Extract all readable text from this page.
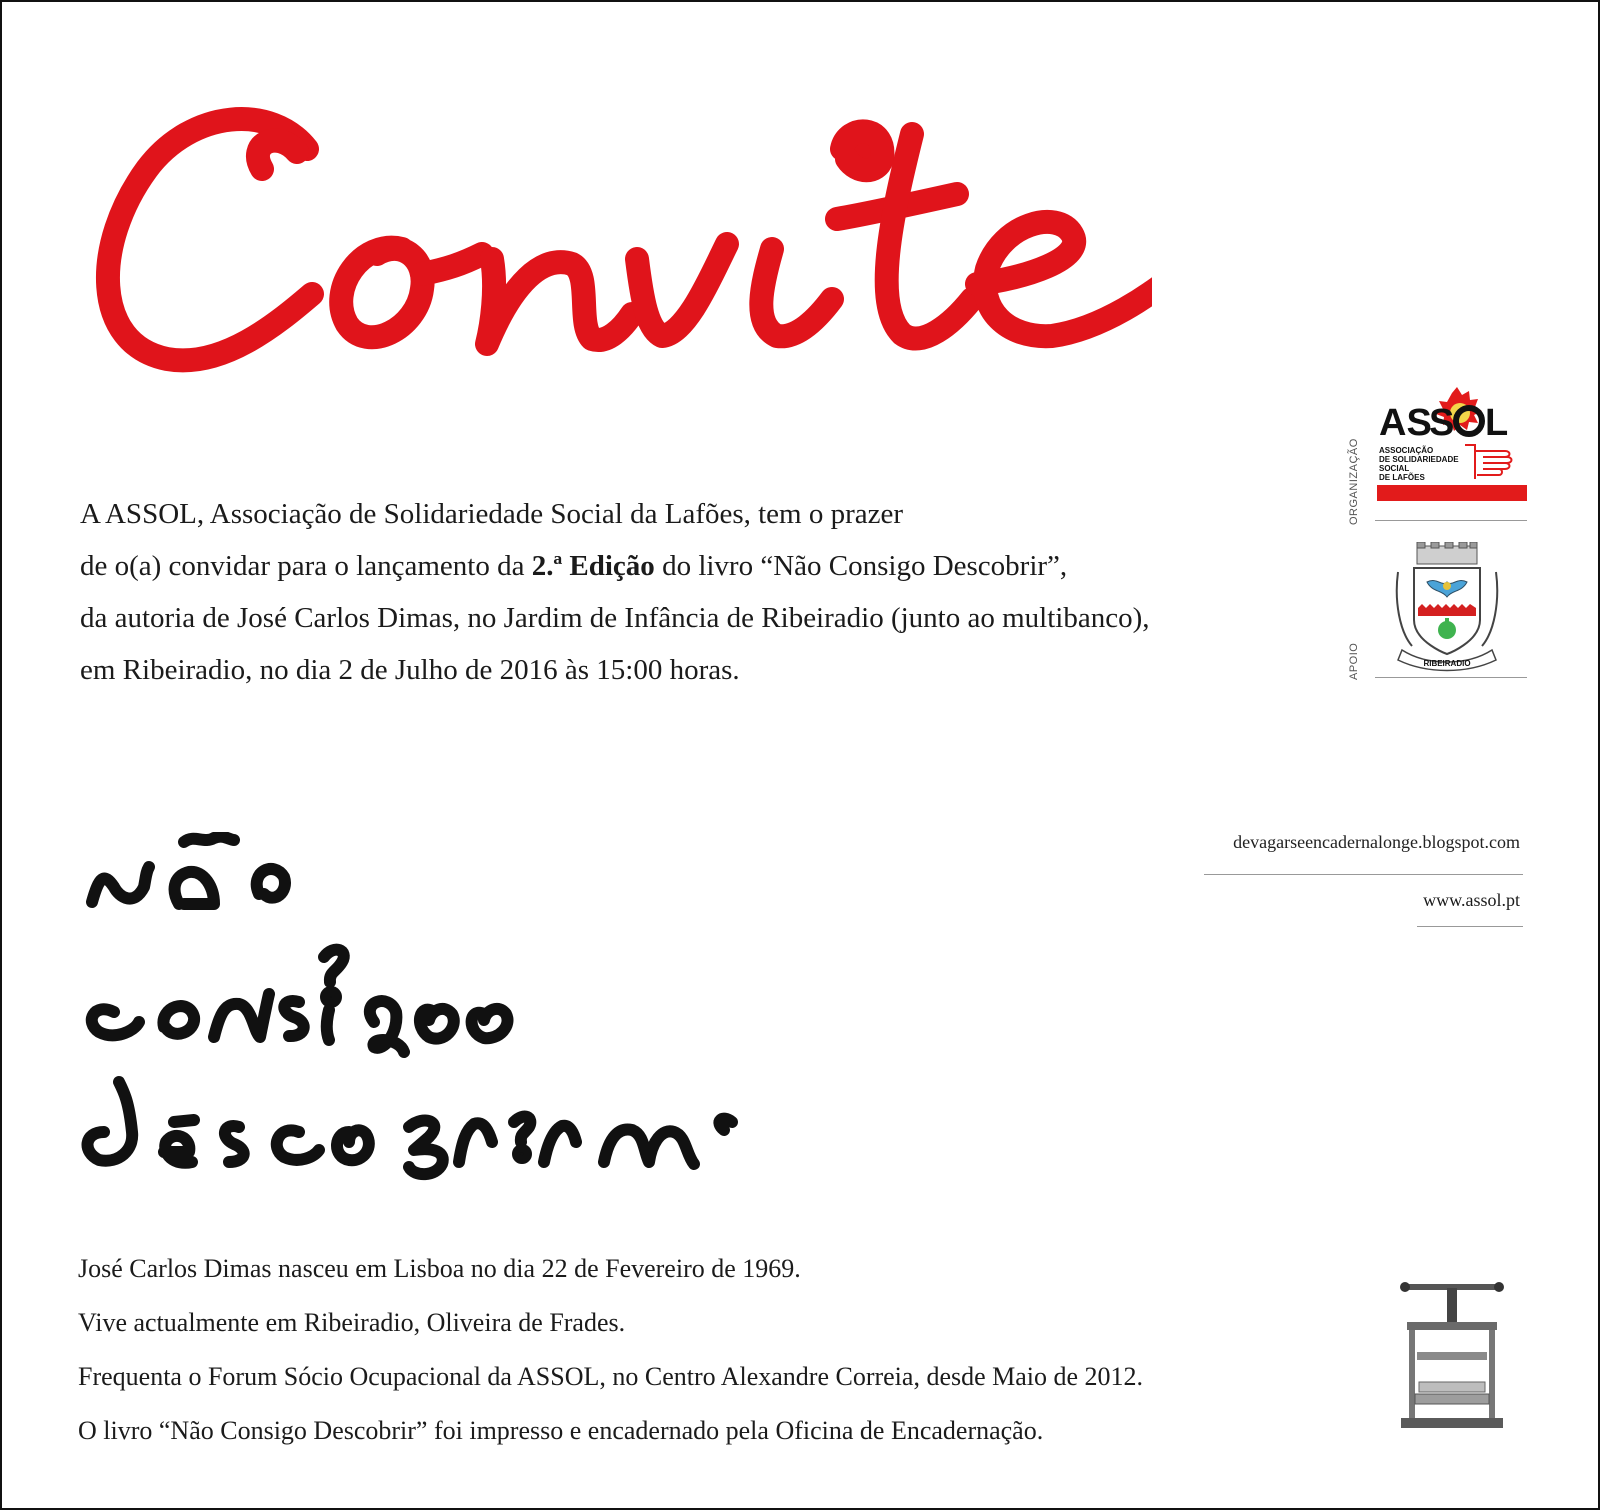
A ASSOL, Associação de Solidariedade Social da Lafões, tem o prazer

de o(a) convidar para o lançamento da 2.ª Edição do livro “Não Consigo Descobrir”,

da autoria de José Carlos Dimas, no Jardim de Infância de Ribeiradio (junto ao multibanco),

em Ribeiradio, no dia 2 de Julho de 2016 às 15:00 horas.

ORGANIZAÇÃO
AS
S L
ASSOCIAÇÃO
DE SOLIDARIEDADE
SOCIAL
DE LAFÕES
APOIO	RIBEIRADIO
devagarseencadernalonge.blogspot.com
www.assol.pt

José Carlos Dimas nasceu em Lisboa no dia 22 de Fevereiro de 1969.

Vive actualmente em Ribeiradio, Oliveira de Frades.

Frequenta o Forum Sócio Ocupacional da ASSOL, no Centro Alexandre Correia, desde Maio de 2012.

O livro “Não Consigo Descobrir” foi impresso e encadernado pela Oficina de Encadernação.
